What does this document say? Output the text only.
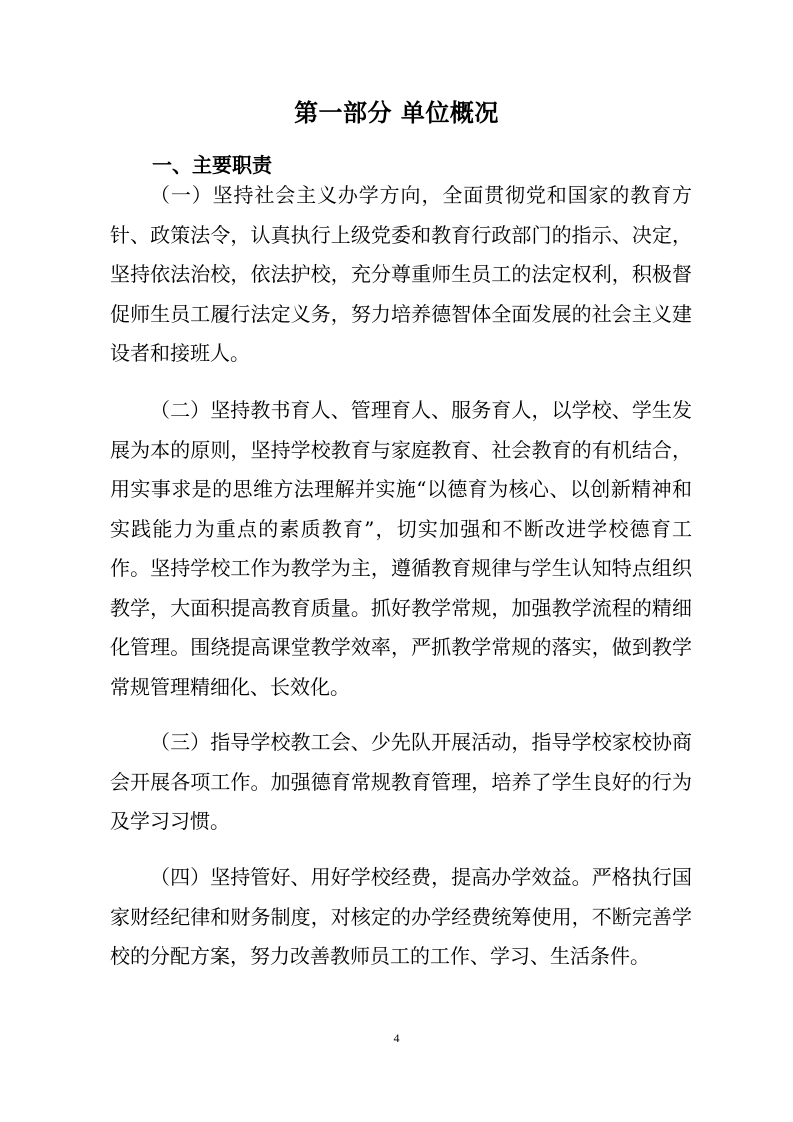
第一部分 单位概况
一、主要职责

（一）坚持社会主义办学方向，全面贯彻党和国家的教育方针、政策法令，认真执行上级党委和教育行政部门的指示、决定，坚持依法治校，依法护校，充分尊重师生员工的法定权利，积极督促师生员工履行法定义务，努力培养德智体全面发展的社会主义建设者和接班人。

（二）坚持教书育人、管理育人、服务育人，以学校、学生发展为本的原则，坚持学校教育与家庭教育、社会教育的有机结合，用实事求是的思维方法理解并实施“以德育为核心、以创新精神和实践能力为重点的素质教育”，切实加强和不断改进学校德育工作。坚持学校工作为教学为主，遵循教育规律与学生认知特点组织教学，大面积提高教育质量。抓好教学常规，加强教学流程的精细化管理。围绕提高课堂教学效率，严抓教学常规的落实，做到教学常规管理精细化、长效化。

（三）指导学校教工会、少先队开展活动，指导学校家校协商会开展各项工作。加强德育常规教育管理，培养了学生良好的行为及学习习惯。

（四）坚持管好、用好学校经费，提高办学效益。严格执行国家财经纪律和财务制度，对核定的办学经费统筹使用，不断完善学校的分配方案，努力改善教师员工的工作、学习、生活条件。

4
